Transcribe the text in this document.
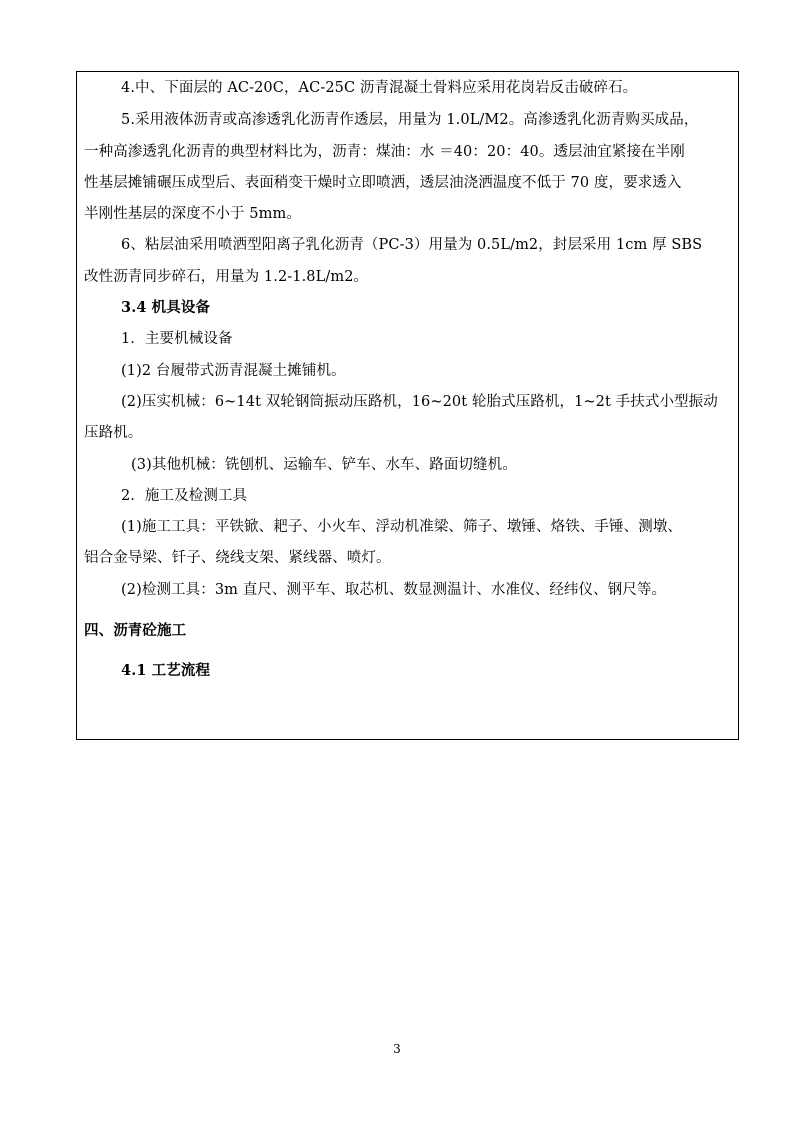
4.中、下面层的 AC-20C，AC-25C 沥青混凝土骨料应采用花岗岩反击破碎石。
5.采用液体沥青或高渗透乳化沥青作透层，用量为 1.0L/M2。高渗透乳化沥青购买成品，
一种高渗透乳化沥青的典型材料比为，沥青：煤油：水 ＝40：20：40。透层油宜紧接在半刚
性基层摊铺碾压成型后、表面稍变干燥时立即喷洒，透层油浇洒温度不低于 70 度，要求透入
半刚性基层的深度不小于 5mm。
6、粘层油采用喷洒型阳离子乳化沥青（PC-3）用量为 0.5L/m2，封层采用 1cm 厚 SBS
改性沥青同步碎石，用量为 1.2-1.8L/m2。
3.4 机具设备
1．主要机械设备
(1)2 台履带式沥青混凝土摊铺机。
(2)压实机械：6~14t 双轮钢筒振动压路机，16~20t 轮胎式压路机，1~2t 手扶式小型振动
压路机。
(3)其他机械：铣刨机、运输车、铲车、水车、路面切缝机。
2．施工及检测工具
(1)施工工具：平铁锨、耙子、小火车、浮动机准梁、筛子、墩锤、烙铁、手锤、测墩、
铝合金导梁、钎子、绕线支架、紧线器、喷灯。
(2)检测工具：3m 直尺、测平车、取芯机、数显测温计、水准仪、经纬仪、钢尺等。
四、沥青砼施工
4.1 工艺流程
3
